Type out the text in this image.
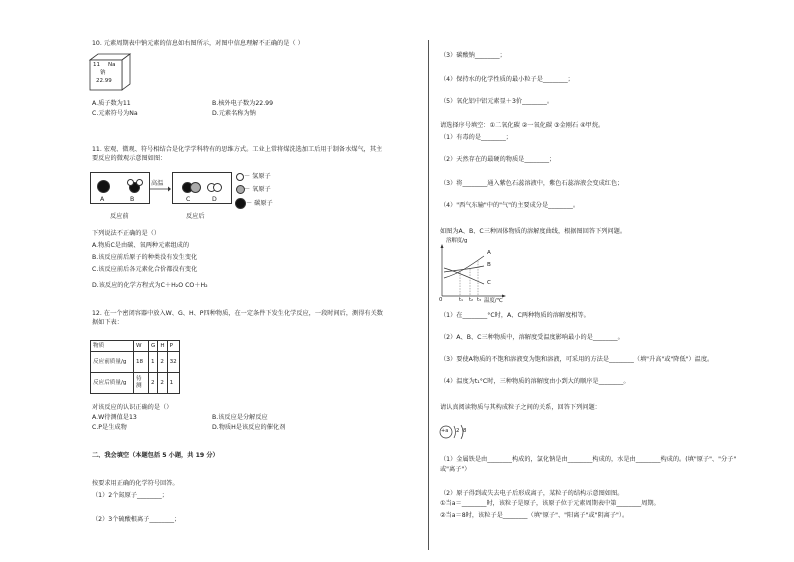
10. 元素周期表中钠元素的信息如右图所示，对图中信息理解不正确的是（ ）
11 Na
钠
22.99
A.质子数为11	B.核外电子数为22.99
C.元素符号为Na	D.元素名称为钠
11. 宏观、微观、符号相结合是化学学科特有的思维方式。工业上常将煤洗选加工后用于制备水煤气，其主
要反应的微观示意图如图：
A	B
高温
C	D
－ 氢原子
－ 氧原子
－ 碳原子
反应前	反应后
下列说法不正确的是（）
A.物质C是由碳、氧两种元素组成的
B.该反应前后原子的种类没有发生变化
C.该反应前后各元素化合价都没有变化
D.该反应的化学方程式为C＋H₂O CO＋H₂
12. 在一个密闭容器中放入W、G、H、P四种物质，在一定条件下发生化学反应，一段时间后，测得有关数
据如下表：
物质	W	G	H	P
反应前质量/g	18	1	2	32
反应后质量/g	待测	2	2	1
对该反应的认识正确的是（）
A.W待测值是13	B.该反应是分解反应
C.P是生成物	D.物质H是该反应的催化剂
二、我会填空（本题包括 5 小题，共 19 分）
按要求用正确的化学符号回答。
（1）2个氮原子________；
（2）3个硫酸根离子________；
（3）碳酸钠________；
（4）保持水的化学性质的最小粒子是________；
（5）氧化铝中铝元素显＋3价________。
请选择序号填空：①二氧化碳 ②一氧化碳 ③金刚石 ④甲烷。
（1）有毒的是________；
（2）天然存在的最硬的物质是________；
（3）将________通入紫色石蕊溶液中，紫色石蕊溶液会变成红色；
（4）"西气东输"中的"气"的主要成分是________。
如图为A、B、C三种固体物质的溶解度曲线，根据图回答下列问题。
溶解度/g
A
B
C
0	t₁ t₂ t₃ 温度/℃
（1）在________°C时，A、C两种物质的溶解度相等。
（2）A、B、C三种物质中，溶解度受温度影响最小的是________。
（3）要使A物质的不饱和溶液变为饱和溶液，可采用的方法是________（填"升高"或"降低"）温度。
（4）温度为t₁°C时，三种物质的溶解度由小到大的顺序是________。
请认真阅读物质与其构成粒子之间的关系，回答下列问题：
+a 2 8
（1）金属铁是由________构成的，氯化钠是由________构成的，水是由________构成的。(填"原子"、"分子"
或"离子"）
（2）原子得到或失去电子后形成离子，某粒子的结构示意图如图。
①当a＝________时，该粒子是原子，该原子位于元素周期表中第________周期。
②当a＝8时，该粒子是________（填"原子"、"阳离子"或"阴离子"）。
